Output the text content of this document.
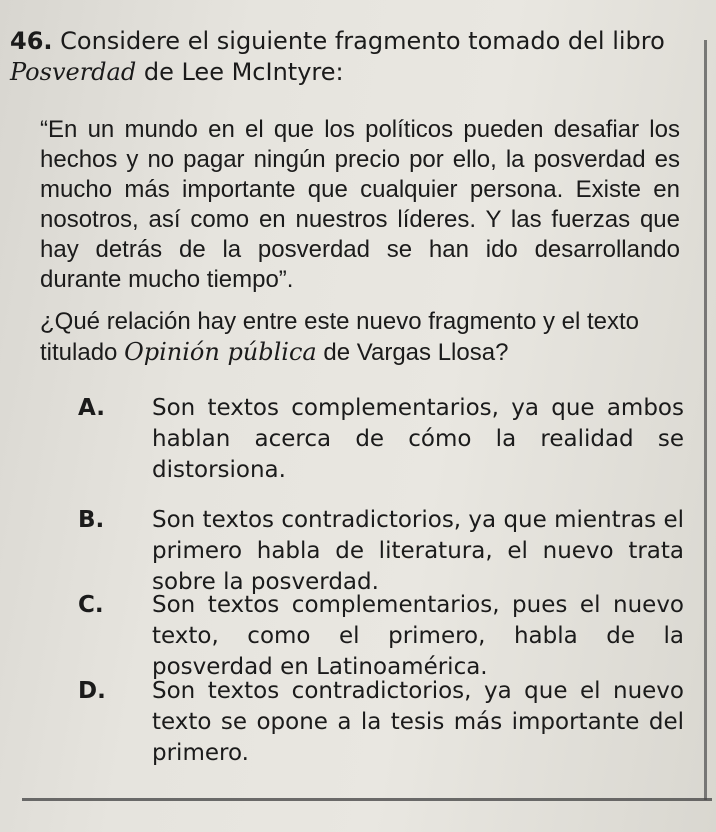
46. Considere el siguiente fragmento tomado del libro Posverdad de Lee McIntyre:
“En un mundo en el que los políticos pueden desafiar los hechos y no pagar ningún precio por ello, la posverdad es mucho más importante que cualquier persona. Existe en nosotros, así como en nuestros líderes. Y las fuerzas que hay detrás de la posverdad se han ido desarrollando durante mucho tiempo”.
¿Qué relación hay entre este nuevo fragmento y el texto titulado Opinión pública de Vargas Llosa?
A. Son textos complementarios, ya que ambos hablan acerca de cómo la realidad se distorsiona.
B. Son textos contradictorios, ya que mientras el primero habla de literatura, el nuevo trata sobre la posverdad.
C. Son textos complementarios, pues el nuevo texto, como el primero, habla de la posverdad en Latinoamérica.
D. Son textos contradictorios, ya que el nuevo texto se opone a la tesis más importante del primero.
